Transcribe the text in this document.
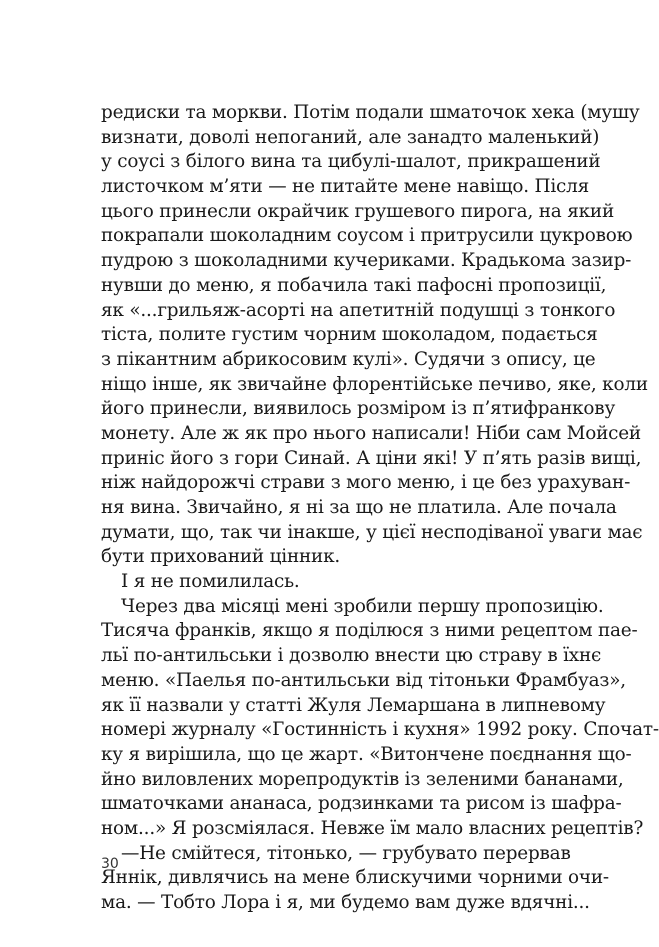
редиски та моркви. Потім подали шматочок хека (мушу
визнати, доволі непоганий, але занадто маленький)
у соусі з білого вина та цибулі-шалот, прикрашений
листочком м’яти — не питайте мене навіщо. Після
цього принесли окрайчик грушевого пирога, на який
покрапали шоколадним соусом і притрусили цукровою
пудрою з шоколадними кучериками. Крадькома зазир-
нувши до меню, я побачила такі пафосні пропозиції,
як «...грильяж-асорті на апетитній подушці з тонкого
тіста, полите густим чорним шоколадом, подається
з пікантним абрикосовим кулі». Судячи з опису, це
ніщо інше, як звичайне флорентійське печиво, яке, коли
його принесли, виявилось розміром із п’ятифранкову
монету. Але ж як про нього написали! Ніби сам Мойсей
приніс його з гори Синай. А ціни які! У п’ять разів вищі,
ніж найдорожчі страви з мого меню, і це без урахуван-
ня вина. Звичайно, я ні за що не платила. Але почала
думати, що, так чи інакше, у цієї несподіваної уваги має
бути прихований цінник.
І я не помилилась.
Через два місяці мені зробили першу пропозицію.
Тисяча франків, якщо я поділюся з ними рецептом пае-
льї по-антильськи і дозволю внести цю страву в їхнє
меню. «Паелья по-антильськи від тітоньки Фрамбуаз»,
як її назвали у статті Жуля Лемаршана в липневому
номері журналу «Гостинність і кухня» 1992 року. Спочат-
ку я вирішила, що це жарт. «Витончене поєднання що-
йно виловлених морепродуктів із зеленими бананами,
шматочками ананаса, родзинками та рисом із шафра-
ном...» Я розсміялася. Невже їм мало власних рецептів?
—Не смійтеся, тітонько, — грубувато перервав
Яннік, дивлячись на мене блискучими чорними очи-
ма. — Тобто Лора і я, ми будемо вам дуже вдячні...
30
